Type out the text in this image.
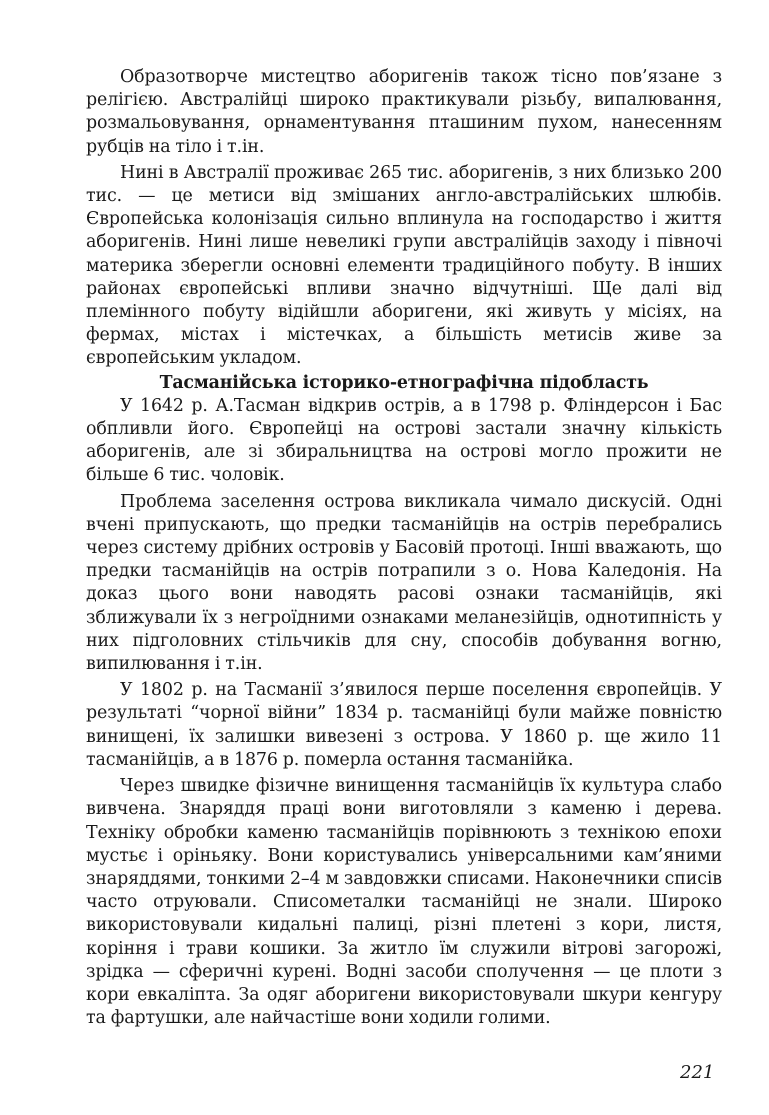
Образотворче мистецтво аборигенів також тісно пов’язане з релігією. Австралійці широко практикували різьбу, випалювання, розмальовування, орнаментування пташиним пухом, нанесенням рубців на тіло і т.ін.

Нині в Австралії проживає 265 тис. аборигенів, з них близько 200 тис. — це метиси від змішаних англо-австралійських шлюбів. Європейська колонізація сильно вплинула на господарство і життя аборигенів. Нині лише невеликі групи австралійців заходу і півночі материка зберегли основні елементи традиційного побуту. В інших районах європейські впливи значно відчутніші. Ще далі від племінного побуту відійшли аборигени, які живуть у місіях, на фермах, містах і містечках, а більшість метисів живе за європейським укладом.

Тасманійська історико-етнографічна підобласть

У 1642 р. А.Тасман відкрив острів, а в 1798 р. Фліндерсон і Бас обпливли його. Європейці на острові застали значну кількість аборигенів, але зі збиральництва на острові могло прожити не більше 6 тис. чоловік.

Проблема заселення острова викликала чимало дискусій. Одні вчені припускають, що предки тасманійців на острів перебрались через систему дрібних островів у Басовій протоці. Інші вважають, що предки тасманійців на острів потрапили з о. Нова Каледонія. На доказ цього вони наводять расові ознаки тасманійців, які зближували їх з негроїдними ознаками меланезійців, однотипність у них підголовних стільчиків для сну, способів добування вогню, випилювання і т.ін.

У 1802 р. на Тасманії з’явилося перше поселення європейців. У результаті “чорної війни” 1834 р. тасманійці були майже повністю винищені, їх залишки вивезені з острова. У 1860 р. ще жило 11 тасманійців, а в 1876 р. померла остання тасманійка.

Через швидке фізичне винищення тасманійців їх культура слабо вивчена. Знаряддя праці вони виготовляли з каменю і дерева. Техніку обробки каменю тасманійців порівнюють з технікою епохи мустьє і оріньяку. Вони користувались універсальними кам’яними знаряддями, тонкими 2–4 м завдовжки списами. Наконечники списів часто отруювали. Списометалки тасманійці не знали. Широко використовували кидальні палиці, різні плетені з кори, листя, коріння і трави кошики. За житло їм служили вітрові загорожі, зрідка — сферичні курені. Водні засоби сполучення — це плоти з кори евкаліпта. За одяг аборигени використовували шкури кенгуру та фартушки, але найчастіше вони ходили голими.

221
